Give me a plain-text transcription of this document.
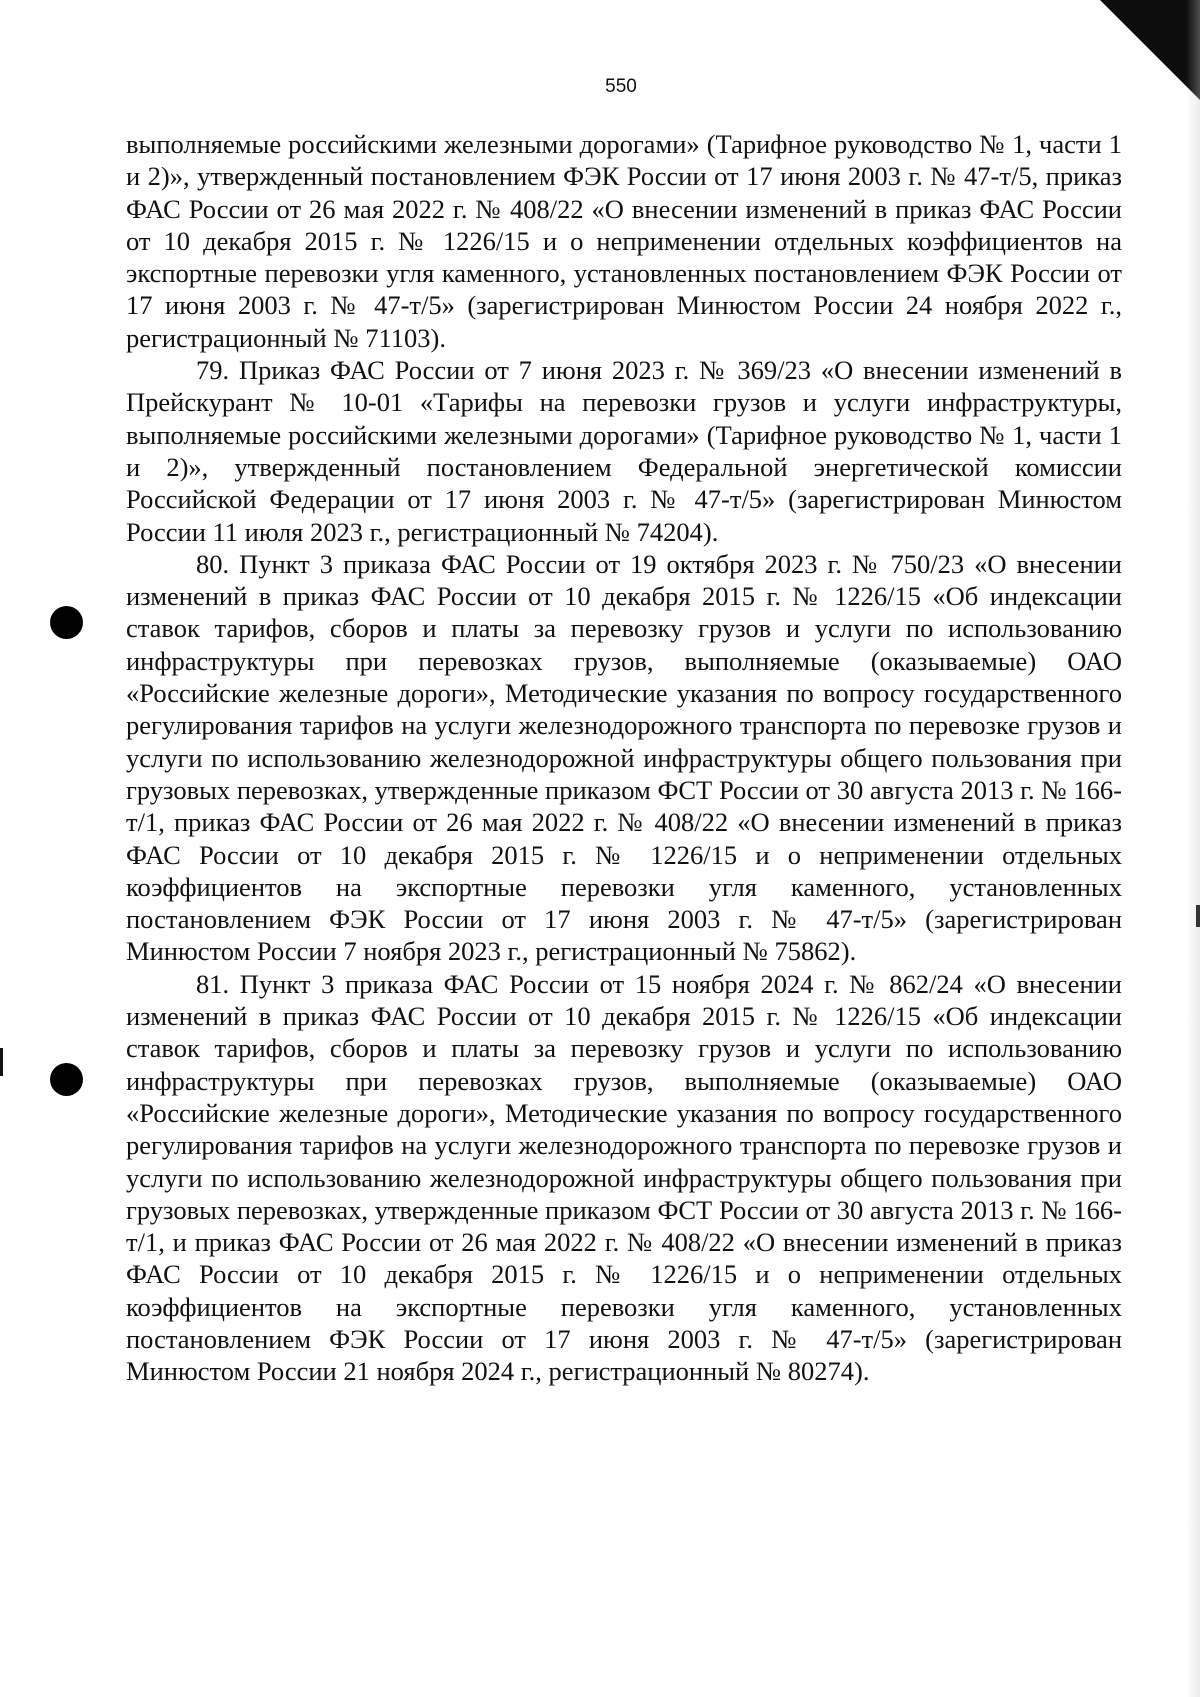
550

выполняемые российскими железными дорогами» (Тарифное руководство № 1, части 1 и 2)», утвержденный постановлением ФЭК России от 17 июня 2003 г. № 47-т/5, приказ ФАС России от 26 мая 2022 г. № 408/22 «О внесении изменений в приказ ФАС России от 10 декабря 2015 г. № 1226/15 и о неприменении отдельных коэффициентов на экспортные перевозки угля каменного, установленных постановлением ФЭК России от 17 июня 2003 г. № 47-т/5» (зарегистрирован Минюстом России 24 ноября 2022 г., регистрационный № 71103).

79. Приказ ФАС России от 7 июня 2023 г. № 369/23 «О внесении изменений в Прейскурант № 10-01 «Тарифы на перевозки грузов и услуги инфраструктуры, выполняемые российскими железными дорогами» (Тарифное руководство № 1, части 1 и 2)», утвержденный постановлением Федеральной энергетической комиссии Российской Федерации от 17 июня 2003 г. № 47-т/5» (зарегистрирован Минюстом России 11 июля 2023 г., регистрационный № 74204).

80. Пункт 3 приказа ФАС России от 19 октября 2023 г. № 750/23 «О внесении изменений в приказ ФАС России от 10 декабря 2015 г. № 1226/15 «Об индексации ставок тарифов, сборов и платы за перевозку грузов и услуги по использованию инфраструктуры при перевозках грузов, выполняемые (оказываемые) ОАО «Российские железные дороги», Методические указания по вопросу государственного регулирования тарифов на услуги железнодорожного транспорта по перевозке грузов и услуги по использованию железнодорожной инфраструктуры общего пользования при грузовых перевозках, утвержденные приказом ФСТ России от 30 августа 2013 г. № 166-т/1, приказ ФАС России от 26 мая 2022 г. № 408/22 «О внесении изменений в приказ ФАС России от 10 декабря 2015 г. № 1226/15 и о неприменении отдельных коэффициентов на экспортные перевозки угля каменного, установленных постановлением ФЭК России от 17 июня 2003 г. № 47-т/5» (зарегистрирован Минюстом России 7 ноября 2023 г., регистрационный № 75862).

81. Пункт 3 приказа ФАС России от 15 ноября 2024 г. № 862/24 «О внесении изменений в приказ ФАС России от 10 декабря 2015 г. № 1226/15 «Об индексации ставок тарифов, сборов и платы за перевозку грузов и услуги по использованию инфраструктуры при перевозках грузов, выполняемые (оказываемые) ОАО «Российские железные дороги», Методические указания по вопросу государственного регулирования тарифов на услуги железнодорожного транспорта по перевозке грузов и услуги по использованию железнодорожной инфраструктуры общего пользования при грузовых перевозках, утвержденные приказом ФСТ России от 30 августа 2013 г. № 166-т/1, и приказ ФАС России от 26 мая 2022 г. № 408/22 «О внесении изменений в приказ ФАС России от 10 декабря 2015 г. № 1226/15 и о неприменении отдельных коэффициентов на экспортные перевозки угля каменного, установленных постановлением ФЭК России от 17 июня 2003 г. № 47-т/5» (зарегистрирован Минюстом России 21 ноября 2024 г., регистрационный № 80274).
